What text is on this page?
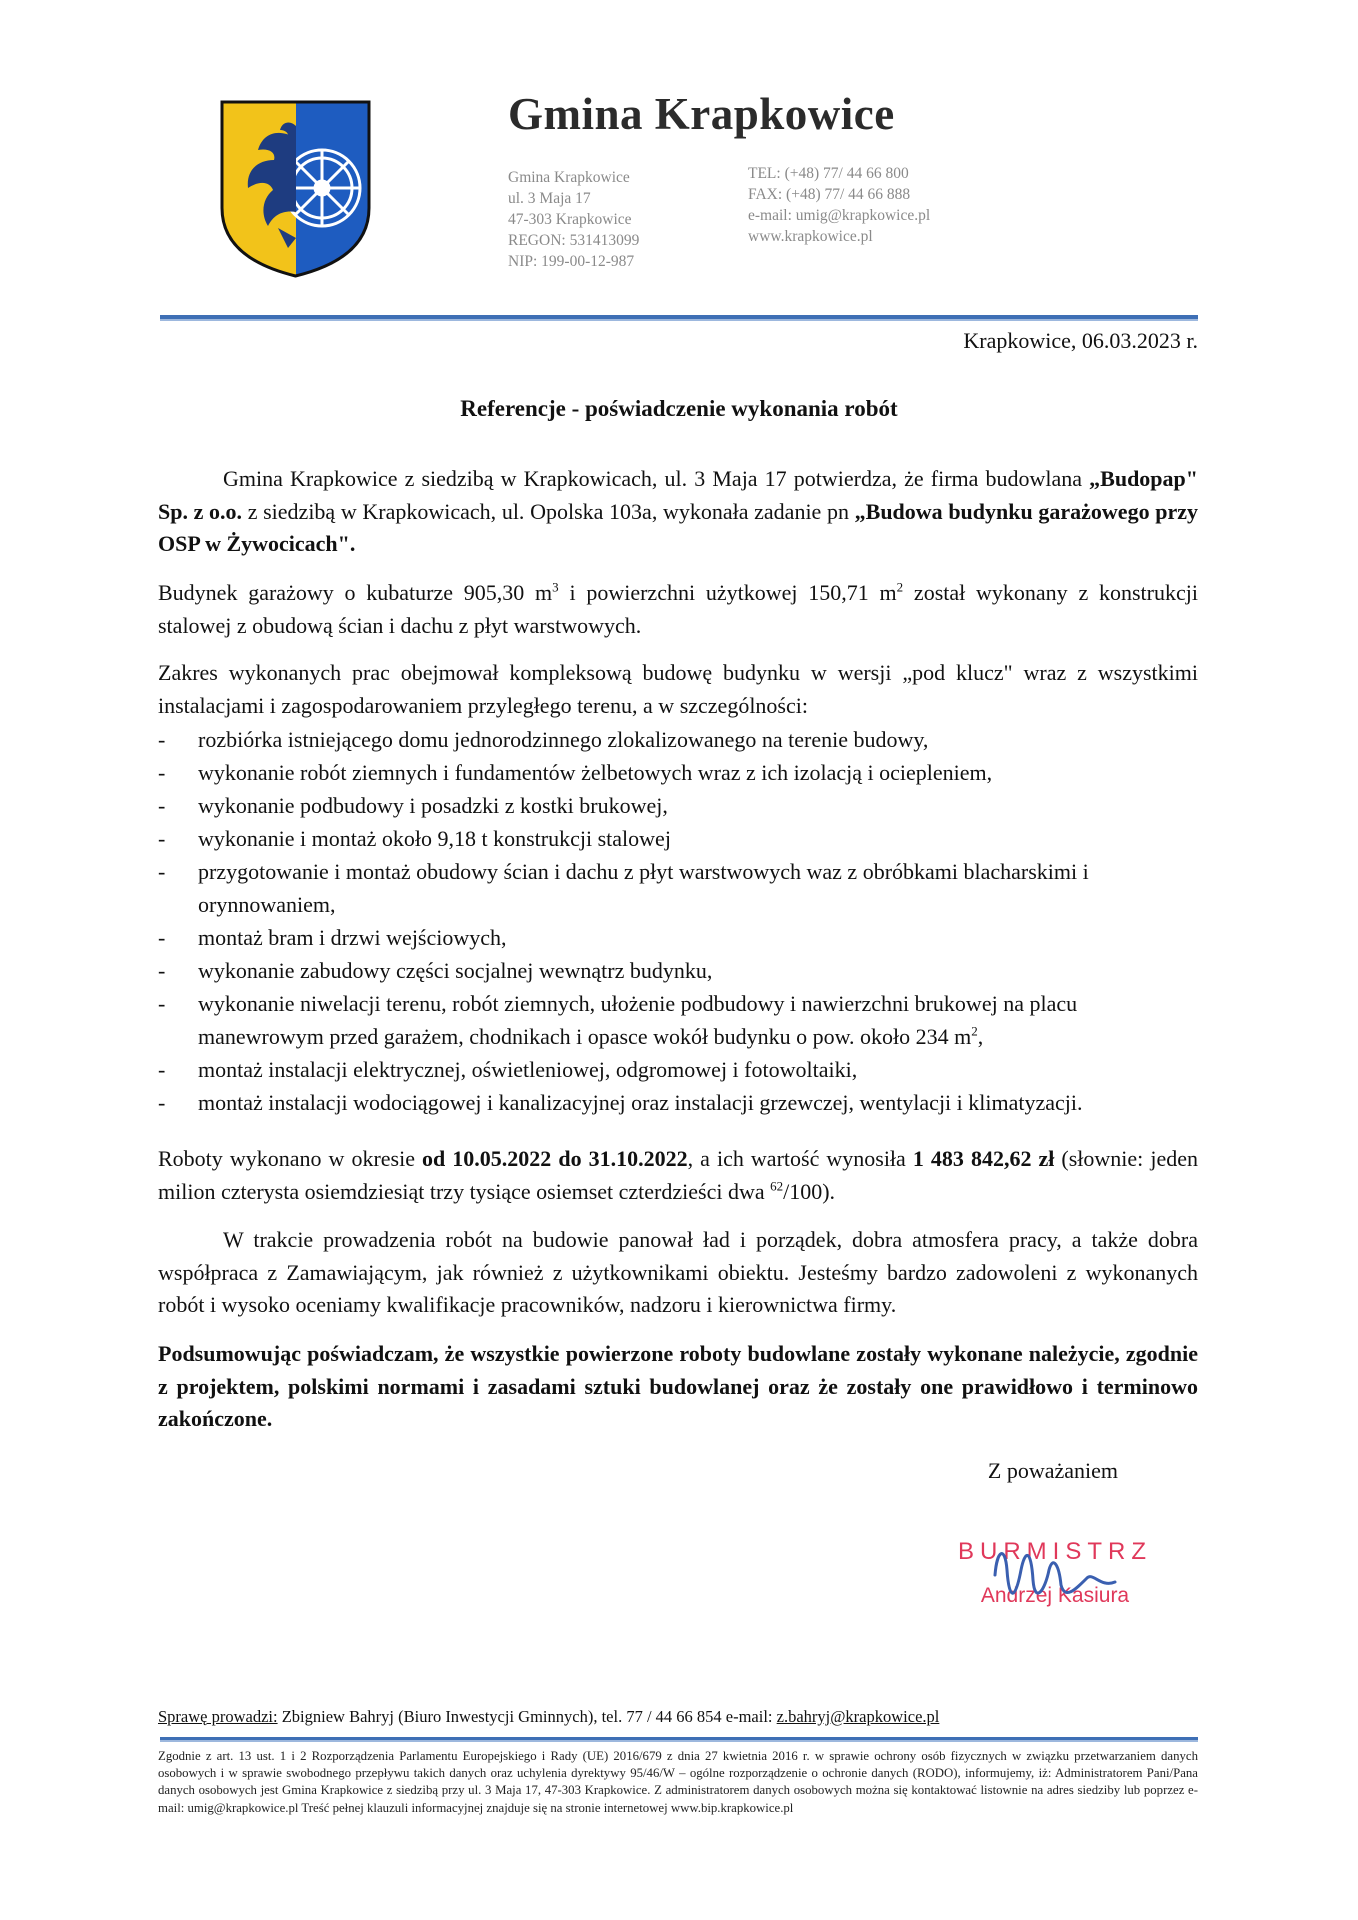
Gmina Krapkowice
Gmina Krapkowice
ul. 3 Maja 17
47-303 Krapkowice
REGON: 531413099
NIP: 199-00-12-987
TEL: (+48) 77/ 44 66 800
FAX: (+48) 77/ 44 66 888
e-mail: umig@krapkowice.pl
www.krapkowice.pl
Krapkowice, 06.03.2023 r.
Referencje - poświadczenie wykonania robót
Gmina Krapkowice z siedzibą w Krapkowicach, ul. 3 Maja 17 potwierdza, że firma budowlana „Budopap" Sp. z o.o. z siedzibą w Krapkowicach, ul. Opolska 103a, wykonała zadanie pn „Budowa budynku garażowego przy OSP w Żywocicach".
Budynek garażowy o kubaturze 905,30 $m^3$ i powierzchni użytkowej 150,71 $m^2$ został wykonany z konstrukcji stalowej z obudową ścian i dachu z płyt warstwowych.
Zakres wykonanych prac obejmował kompleksową budowę budynku w wersji „pod klucz" wraz z wszystkimi instalacjami i zagospodarowaniem przyległego terenu, a w szczególności:
- rozbiórka istniejącego domu jednorodzinnego zlokalizowanego na terenie budowy,
- wykonanie robót ziemnych i fundamentów żelbetowych wraz z ich izolacją i ociepleniem,
- wykonanie podbudowy i posadzki z kostki brukowej,
- wykonanie i montaż około 9,18 t konstrukcji stalowej
- przygotowanie i montaż obudowy ścian i dachu z płyt warstwowych waz z obróbkami blacharskimi i orynnowaniem,
- montaż bram i drzwi wejściowych,
- wykonanie zabudowy części socjalnej wewnątrz budynku,
- wykonanie niwelacji terenu, robót ziemnych, ułożenie podbudowy i nawierzchni brukowej na placu manewrowym przed garażem, chodnikach i opasce wokół budynku o pow. około 234 $m^2$,
- montaż instalacji elektrycznej, oświetleniowej, odgromowej i fotowoltaiki,
- montaż instalacji wodociągowej i kanalizacyjnej oraz instalacji grzewczej, wentylacji i klimatyzacji.
Roboty wykonano w okresie od 10.05.2022 do 31.10.2022, a ich wartość wynosiła 1 483 842,62 zł (słownie: jeden milion czterysta osiemdziesiąt trzy tysiące osiemset czterdzieści dwa $^{62}$/100).
W trakcie prowadzenia robót na budowie panował ład i porządek, dobra atmosfera pracy, a także dobra współpraca z Zamawiającym, jak również z użytkownikami obiektu. Jesteśmy bardzo zadowoleni z wykonanych robót i wysoko oceniamy kwalifikacje pracowników, nadzoru i kierownictwa firmy.
Podsumowując poświadczam, że wszystkie powierzone roboty budowlane zostały wykonane należycie, zgodnie z projektem, polskimi normami i zasadami sztuki budowlanej oraz że zostały one prawidłowo i terminowo zakończone.
Z poważaniem
BURMISTRZ
Andrzej Kasiura
Sprawę prowadzi: Zbigniew Bahryj (Biuro Inwestycji Gminnych), tel. 77 / 44 66 854 e-mail: z.bahryj@krapkowice.pl
Zgodnie z art. 13 ust. 1 i 2 Rozporządzenia Parlamentu Europejskiego i Rady (UE) 2016/679 z dnia 27 kwietnia 2016 r. w sprawie ochrony osób fizycznych w związku przetwarzaniem danych osobowych i w sprawie swobodnego przepływu takich danych oraz uchylenia dyrektywy 95/46/W – ogólne rozporządzenie o ochronie danych (RODO), informujemy, iż: Administratorem Pani/Pana danych osobowych jest Gmina Krapkowice z siedzibą przy ul. 3 Maja 17, 47-303 Krapkowice. Z administratorem danych osobowych można się kontaktować listownie na adres siedziby lub poprzez e-mail: umig@krapkowice.pl Treść pełnej klauzuli informacyjnej znajduje się na stronie internetowej www.bip.krapkowice.pl
